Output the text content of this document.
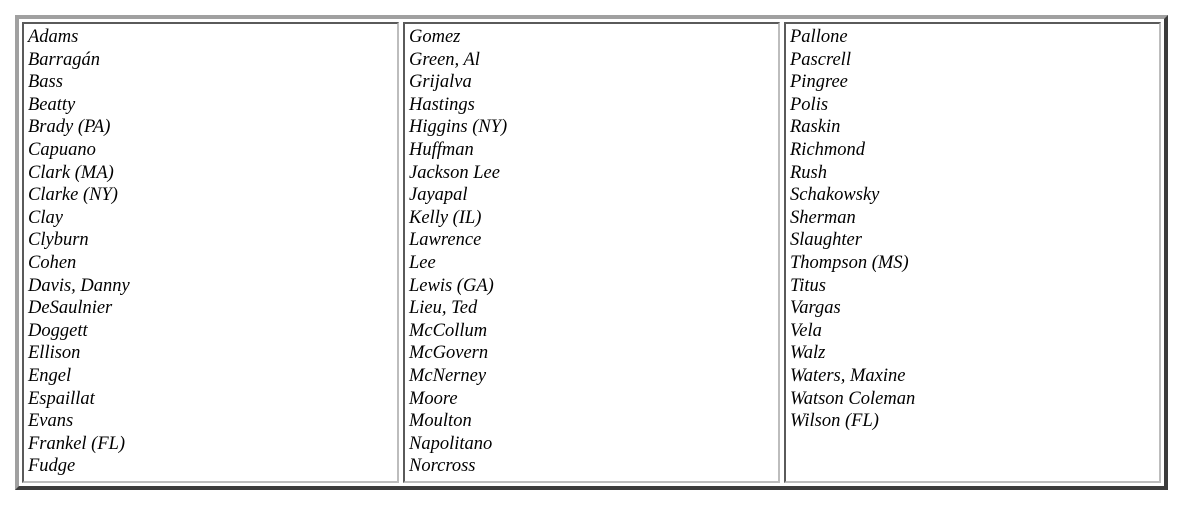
Adams
Barragán
Bass
Beatty
Brady (PA)
Capuano
Clark (MA)
Clarke (NY)
Clay
Clyburn
Cohen
Davis, Danny
DeSaulnier
Doggett
Ellison
Engel
Espaillat
Evans
Frankel (FL)
Fudge
Gomez
Green, Al
Grijalva
Hastings
Higgins (NY)
Huffman
Jackson Lee
Jayapal
Kelly (IL)
Lawrence
Lee
Lewis (GA)
Lieu, Ted
McCollum
McGovern
McNerney
Moore
Moulton
Napolitano
Norcross
Pallone
Pascrell
Pingree
Polis
Raskin
Richmond
Rush
Schakowsky
Sherman
Slaughter
Thompson (MS)
Titus
Vargas
Vela
Walz
Waters, Maxine
Watson Coleman
Wilson (FL)
